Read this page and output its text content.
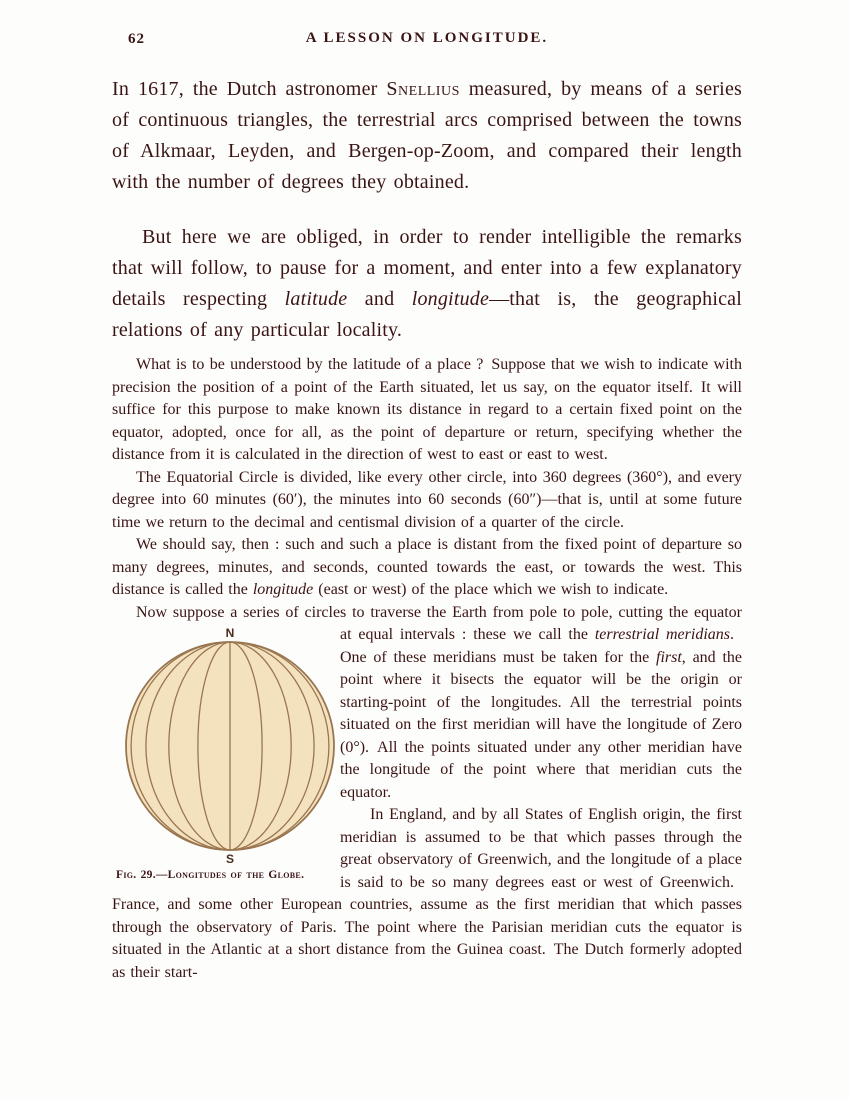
62	A LESSON ON LONGITUDE.

In 1617, the Dutch astronomer Snellius measured, by means of a series of continuous triangles, the terrestrial arcs comprised between the towns of Alkmaar, Leyden, and Bergen-op-Zoom, and compared their length with the number of degrees they obtained.

But here we are obliged, in order to render intelligible the remarks that will follow, to pause for a moment, and enter into a few explanatory details respecting latitude and longitude—that is, the geographical relations of any particular locality.

What is to be understood by the latitude of a place ? Suppose that we wish to indicate with precision the position of a point of the Earth situated, let us say, on the equator itself. It will suffice for this purpose to make known its distance in regard to a certain fixed point on the equator, adopted, once for all, as the point of departure or return, specifying whether the distance from it is calculated in the direction of west to east or east to west.

The Equatorial Circle is divided, like every other circle, into 360 degrees (360°), and every degree into 60 minutes (60′), the minutes into 60 seconds (60″)—that is, until at some future time we return to the decimal and centismal division of a quarter of the circle.

We should say, then : such and such a place is distant from the fixed point of departure so many degrees, minutes, and seconds, counted towards the east, or towards the west. This distance is called the longitude (east or west) of the place which we wish to indicate.

Now suppose a series of circles to traverse the Earth from pole to pole, cutting
N
S
Fig. 29.—Longitudes of the Globe.
the equator at equal intervals : these we call the terrestrial meridians. One of these meridians must be taken for the first, and the point where it bisects the equator will be the origin or starting-point of the longitudes. All the terrestrial points situated on the first meridian will have the longitude of Zero (0°). All the points situated under any other meridian have the longitude of the point where that meridian cuts the equator.

In England, and by all States of English origin, the first meridian is assumed to be that which passes through the great observatory of Greenwich, and the longitude of a place is said to be so many degrees east or west of Greenwich. France, and some other European countries, assume as the first meridian that which passes through the observatory of Paris. The point where the Parisian meridian cuts the equator is situated in the Atlantic at a short distance from the Guinea coast. The Dutch formerly adopted as their start-
